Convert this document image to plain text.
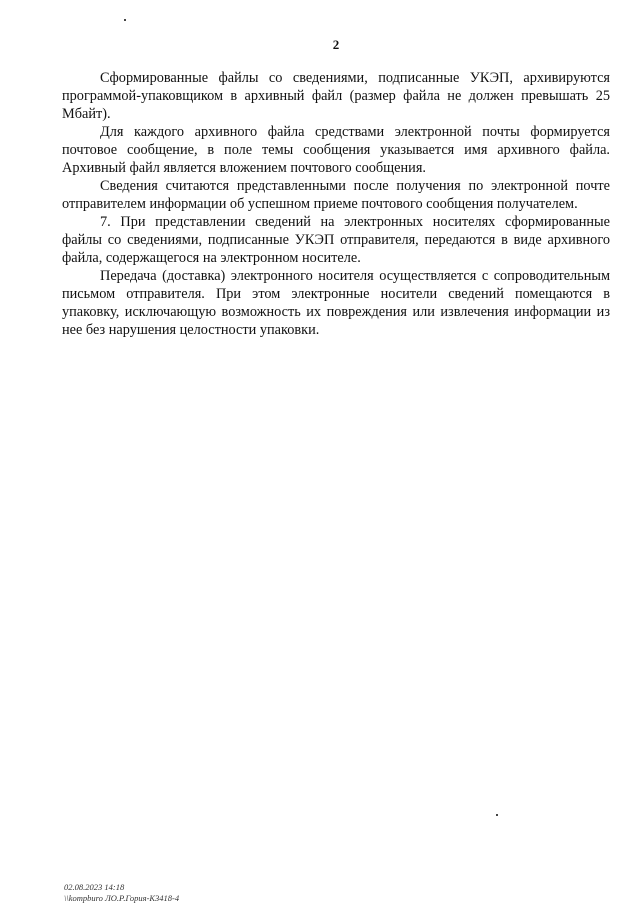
2

Сформированные файлы со сведениями, подписанные УКЭП, архивируются программой-упаковщиком в архивный файл (размер файла не должен превышать 25 Мбайт).

Для каждого архивного файла средствами электронной почты формируется почтовое сообщение, в поле темы сообщения указывается имя архивного файла. Архивный файл является вложением почтового сообщения.

Сведения считаются представленными после получения по электронной почте отправителем информации об успешном приеме почтового сообщения получателем.

7. При представлении сведений на электронных носителях сформированные файлы со сведениями, подписанные УКЭП отправителя, передаются в виде архивного файла, содержащегося на электронном носителе.

Передача (доставка) электронного носителя осуществляется с сопроводительным письмом отправителя. При этом электронные носители сведений помещаются в упаковку, исключающую возможность их повреждения или извлечения информации из нее без нарушения целостности упаковки.

02.08.2023 14:18
\\kompburo ЛО.Р.Гория-К3418-4
